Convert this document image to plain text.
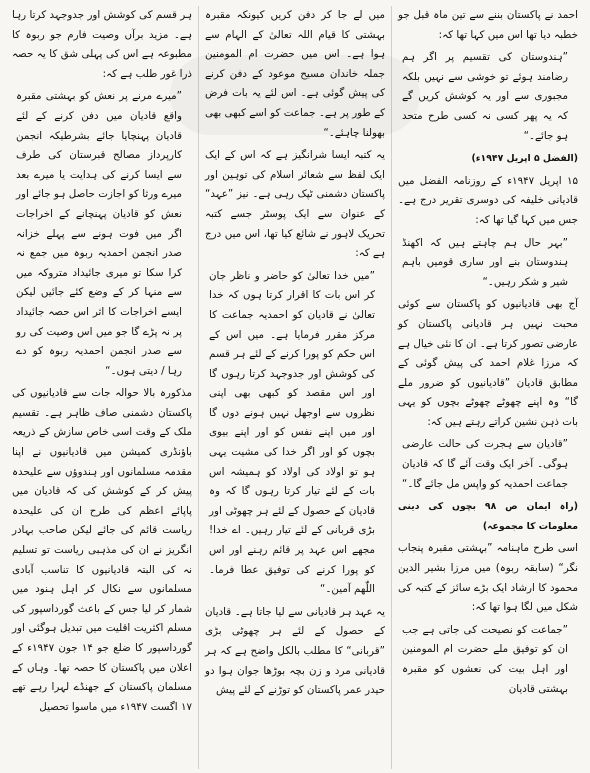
احمد نے پاکستان بننے سے تین ماہ قبل جو خطبہ دیا تھا اس میں کہا تھا کہ:

”ہندوستان کی تقسیم پر اگر ہم رضامند ہوئے تو خوشی سے نہیں بلکہ مجبوری سے اور یہ کوشش کریں گے کہ یہ پھر کسی نہ کسی طرح متحد ہو جائے۔“

(الفضل ۵ اپریل ۱۹۴۷ء)

۱۵ اپریل ۱۹۴۷ء کے روزنامہ الفضل میں قادیانی خلیفہ کی دوسری تقریر درج ہے۔ جس میں کہا گیا تھا کہ:

”بہر حال ہم چاہتے ہیں کہ اکھنڈ ہندوستان بنے اور ساری قومیں باہم شیر و شکر رہیں۔“

آج بھی قادیانیوں کو پاکستان سے کوئی محبت نہیں ہر قادیانی پاکستان کو عارضی تصور کرتا ہے۔ ان کا نئی خیال ہے کہ مرزا غلام احمد کی پیش گوئی کے مطابق قادیان ”قادیانیوں کو ضرور ملے گا“ وہ اپنے چھوٹے چھوٹے بچوں کو یہی بات ذہن نشین کراتے رہتے ہیں کہ:

”قادیان سے ہجرت کی حالت عارضی ہوگی۔ آخر ایک وقت آئے گا کہ قادیان جماعت احمدیہ کو واپس مل جائے گا۔“

(راہ ایمان ص ۹۸ بچوں کی دینی معلومات کا مجموعہ)

اسی طرح ماہنامہ ”بہشتی مقبرہ پنجاب نگر“ (سابقہ ربوہ) میں مرزا بشیر الدین محمود کا ارشاد ایک بڑے سائز کے کتبہ کی شکل میں لگا ہوا تھا کہ:

”جماعت کو نصیحت کی جاتی ہے جب ان کو توفیق ملے حضرت ام المومنین اور اہل بیت کی نعشوں کو مقبرہ بہشتی قادیان

میں لے جا کر دفن کریں کیونکہ مقبرہ بہشتی کا قیام اللہ تعالیٰ کے الہام سے ہوا ہے۔ اس میں حضرت ام المومنین جملہ خاندان مسیح موعود کے دفن کرنے کی پیش گوئی ہے۔ اس لئے یہ بات فرض کے طور پر ہے۔ جماعت کو اسے کبھی بھی بھولنا چاہئے۔“

یہ کتبہ ایسا شرانگیز ہے کہ اس کے ایک ایک لفظ سے شعائر اسلام کی توہین اور پاکستان دشمنی ٹپک رہی ہے۔ نیز ”عہد“ کے عنوان سے ایک پوسٹر جسے کتبہ تحریک لاہور نے شائع کیا تھا، اس میں درج ہے کہ:

”میں خدا تعالیٰ کو حاضر و ناظر جان کر اس بات کا اقرار کرتا ہوں کہ خدا تعالیٰ نے قادیان کو احمدیہ جماعت کا مرکز مقرر فرمایا ہے۔ میں اس کے اس حکم کو پورا کرنے کے لئے ہر قسم کی کوشش اور جدوجہد کرتا رہوں گا اور اس مقصد کو کبھی بھی اپنی نظروں سے اوجھل نہیں ہونے دوں گا اور میں اپنے نفس کو اور اپنے بیوی بچوں کو اور اگر خدا کی مشیت یہی ہو تو اولاد کی اولاد کو ہمیشہ اس بات کے لئے تیار کرتا رہوں گا کہ وہ قادیان کے حصول کے لئے ہر چھوٹی اور بڑی قربانی کے لئے تیار رہیں۔ اے خدا! مجھے اس عہد پر قائم رہنے اور اس کو پورا کرنے کی توفیق عطا فرما۔ اللّٰھم آمین۔“

یہ عہد ہر قادیانی سے لیا جاتا ہے۔ قادیان کے حصول کے لئے ہر چھوٹی بڑی ”قربانی“ کا مطلب بالکل واضح ہے کہ ہر قادیانی مرد و زن بچہ بوڑھا جوان ہوا دو حیدر عمر پاکستان کو توڑنے کے لئے پیش

ہر قسم کی کوشش اور جدوجہد کرتا رہا ہے۔ مزید برآں وصیت فارم جو ربوہ کا مطبوعہ ہے اس کی پہلی شق کا یہ حصہ ذرا غور طلب ہے کہ:

”میرے مرنے پر نعش کو بہشتی مقبرہ واقع قادیان میں دفن کرنے کے لئے قادیان پہنچایا جائے بشرطیکہ انجمن کارپرداز مصالح قبرستان کی طرف سے ایسا کرنے کی ہدایت یا میرے بعد میرے ورثا کو اجازت حاصل ہو جائے اور نعش کو قادیان پہنچانے کے اخراجات اگر میں فوت ہونے سے پہلے خزانہ صدر انجمن احمدیہ ربوہ میں جمع نہ کرا سکا تو میری جائیداد متروکہ میں سے منہا کر کے وضع کئے جائیں لیکن ایسے اخراجات کا اثر اس حصہ جائیداد پر نہ پڑے گا جو میں اس وصیت کی رو سے صدر انجمن احمدیہ ربوہ کو دے رہا / دیتی ہوں۔“

مذکورہ بالا حوالہ جات سے قادیانیوں کی پاکستان دشمنی صاف ظاہر ہے۔ تقسیم ملک کے وقت اسی خاص سازش کے ذریعہ باؤنڈری کمیشن میں قادیانیوں نے اپنا مقدمہ مسلمانوں اور ہندوؤں سے علیحدہ پیش کر کے کوشش کی کہ قادیان میں پاپائے اعظم کی طرح ان کی علیحدہ ریاست قائم کی جائے لیکن صاحب بہادر انگریز نے ان کی مذہبی ریاست تو تسلیم نہ کی البتہ قادیانیوں کا تناسب آبادی مسلمانوں سے نکال کر اہل ہنود میں شمار کر لیا جس کے باعث گورداسپور کی مسلم اکثریت اقلیت میں تبدیل ہوگئی اور گورداسپور کا ضلع جو ۱۴ جون ۱۹۴۷ء کے اعلان میں پاکستان کا حصہ تھا۔ وہاں کے مسلمان پاکستان کے جھنڈے لہرا رہے تھے ۱۷ اگست ۱۹۴۷ء میں ماسوا تحصیل
